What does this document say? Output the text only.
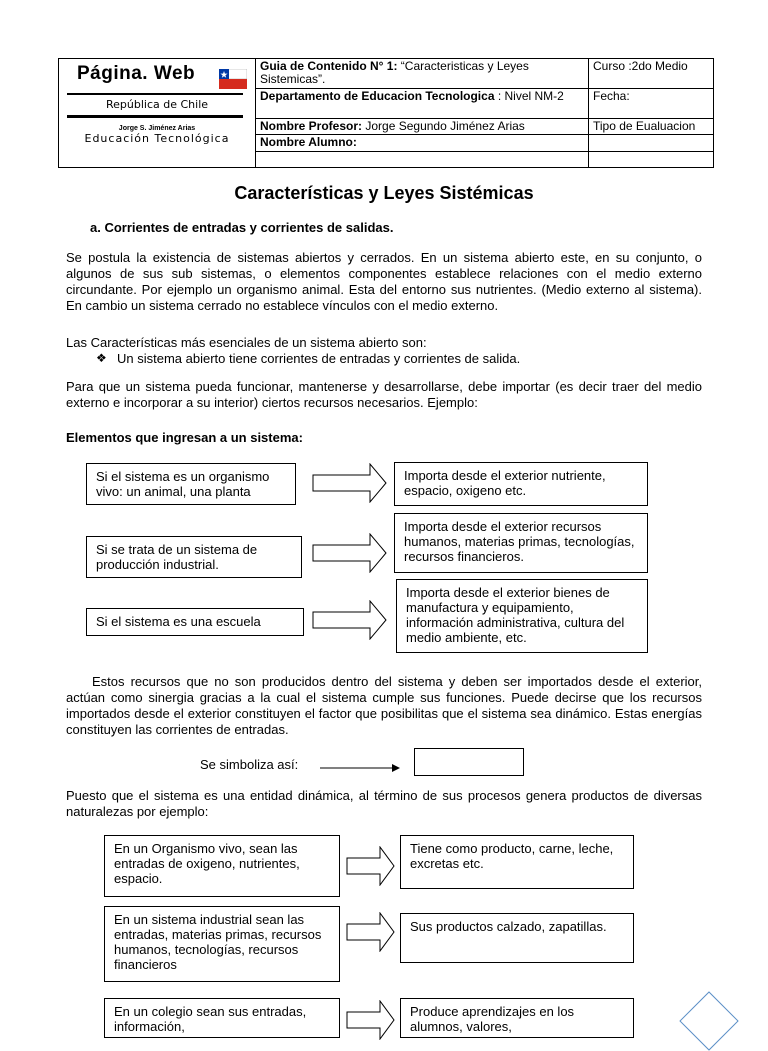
Página. Web
República de Chile
Jorge S. Jiménez Arias
Educación Tecnológica	Guia de Contenido N° 1: “Caracteristicas y Leyes Sistemicas”.	Curso :2do Medio
	Departamento de Educacion Tecnologica : Nivel NM-2	Fecha:
	Nombre Profesor: Jorge Segundo Jiménez Arias	Tipo de Eualuacion
	Nombre Alumno:	

Características y Leyes Sistémicas
a. Corrientes de entradas y corrientes de salidas.
Se postula la existencia de sistemas abiertos y cerrados. En un sistema abierto este, en su conjunto, o algunos de sus sub sistemas, o elementos componentes establece relaciones con el medio externo circundante. Por ejemplo un organismo animal. Esta del entorno sus nutrientes. (Medio externo al sistema). En cambio un sistema cerrado no establece vínculos con el medio externo.
Las Características más esenciales de un sistema abierto son:
❖ Un sistema abierto tiene corrientes de entradas y corrientes de salida.
Para que un sistema pueda funcionar, mantenerse y desarrollarse, debe importar (es decir traer del medio externo e incorporar a su interior) ciertos recursos necesarios. Ejemplo:
Elementos que ingresan a un sistema:
Si el sistema es un organismo vivo: un animal, una planta
Importa desde el exterior nutriente, espacio, oxigeno etc.
Si se trata de un sistema de producción industrial.
Importa desde el exterior recursos humanos, materias primas, tecnologías, recursos financieros.
Si el sistema es una escuela
Importa desde el exterior bienes de manufactura y equipamiento, información administrativa, cultura del medio ambiente, etc.
Estos recursos que no son producidos dentro del sistema y deben ser importados desde el exterior, actúan como sinergia gracias a la cual el sistema cumple sus funciones. Puede decirse que los recursos importados desde el exterior constituyen el factor que posibilitas que el sistema sea dinámico. Estas energías constituyen las corrientes de entradas.
Se simboliza así:
Puesto que el sistema es una entidad dinámica, al término de sus procesos genera productos de diversas naturalezas por ejemplo:
En un Organismo vivo, sean las entradas de oxigeno, nutrientes, espacio.
Tiene como producto, carne, leche, excretas etc.
En un sistema industrial sean las entradas, materias primas, recursos humanos, tecnologías, recursos financieros
Sus productos calzado, zapatillas.
En un colegio sean sus entradas, información,
Produce aprendizajes en los alumnos, valores,
